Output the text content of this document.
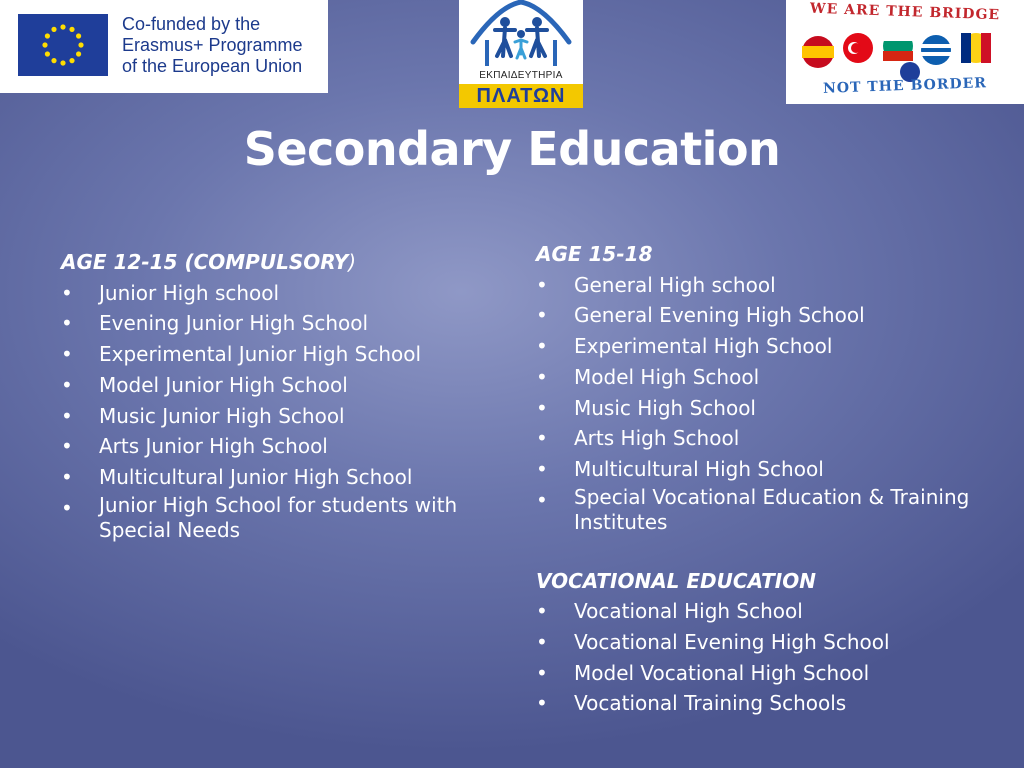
Co-funded by the
Erasmus+ Programme
of the European Union	ΕΚΠΑΙΔΕΥΤΗΡΙΑ
ΠΛΑΤΩΝ
WE ARE THE BRIDGE
NOT THE BORDER
Secondary Education
AGE 12-15 (COMPULSORY)
• Junior High school
• Evening Junior High School
• Experimental Junior High School
• Model Junior High School
• Music Junior High School
• Arts Junior High School
• Multicultural Junior High School
• Junior High School for students with Special Needs
AGE 15-18
• General High school
• General Evening High School
• Experimental High School
• Model High School
• Music High School
• Arts High School
• Multicultural High School
• Special Vocational Education & Training Institutes
VOCATIONAL EDUCATION
• Vocational High School
• Vocational Evening High School
• Model Vocational High School
• Vocational Training Schools
